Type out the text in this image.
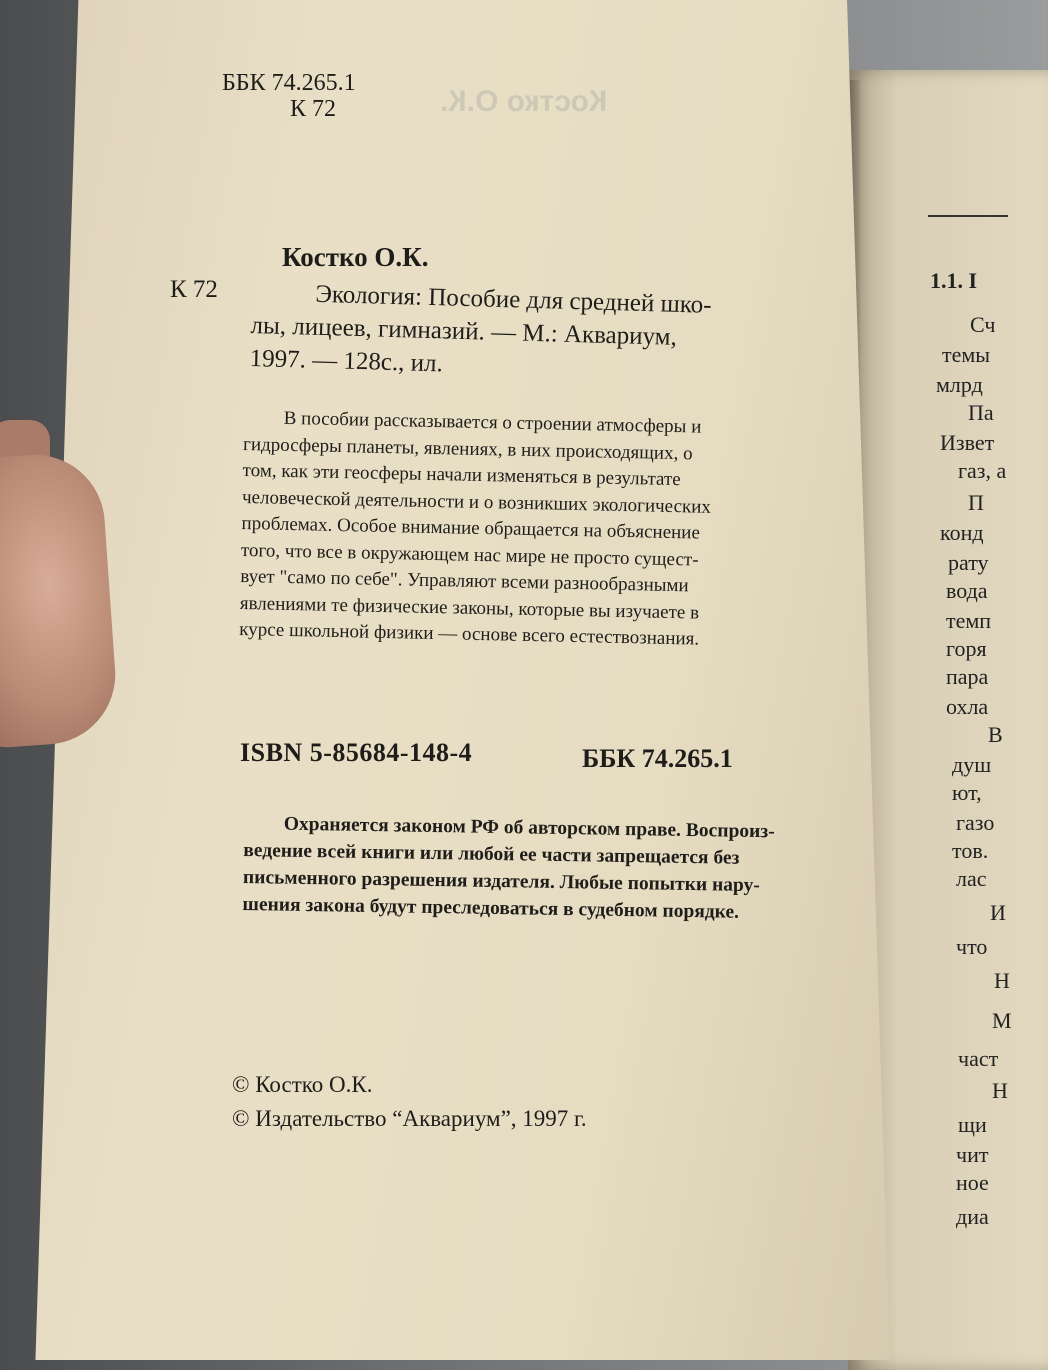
Костко О.К.
ББК 74.265.1
К 72
Костко О.К.
К 72	Экология: Пособие для средней шко-
лы, лицеев, гимназий. — М.: Аквариум,
1997. — 128с., ил.
В пособии рассказывается о строении атмосферы и
гидросферы планеты, явлениях, в них происходящих, о
том, как эти геосферы начали изменяться в результате
человеческой деятельности и о возникших экологических
проблемах. Особое внимание обращается на объяснение
того, что все в окружающем нас мире не просто сущест-
вует "само по себе". Управляют всеми разнообразными
явлениями те физические законы, которые вы изучаете в
курсе школьной физики — основе всего естествознания.
ISBN 5-85684-148-4	ББК 74.265.1
Охраняется законом РФ об авторском праве. Воспроиз-
ведение всей книги или любой ее части запрещается без
письменного разрешения издателя. Любые попытки нару-
шения закона будут преследоваться в судебном порядке.
© Костко О.К.
© Издательство “Аквариум”, 1997 г.
1.1. І
Сч
темы
млрд
Па
Извет
газ, а
П
конд
рату
вода
темп
горя
пара
охла
В
душ
ют,
газо
тов.
лас
И
что
Н
М
част
Н
щи
чит
ное
диа
